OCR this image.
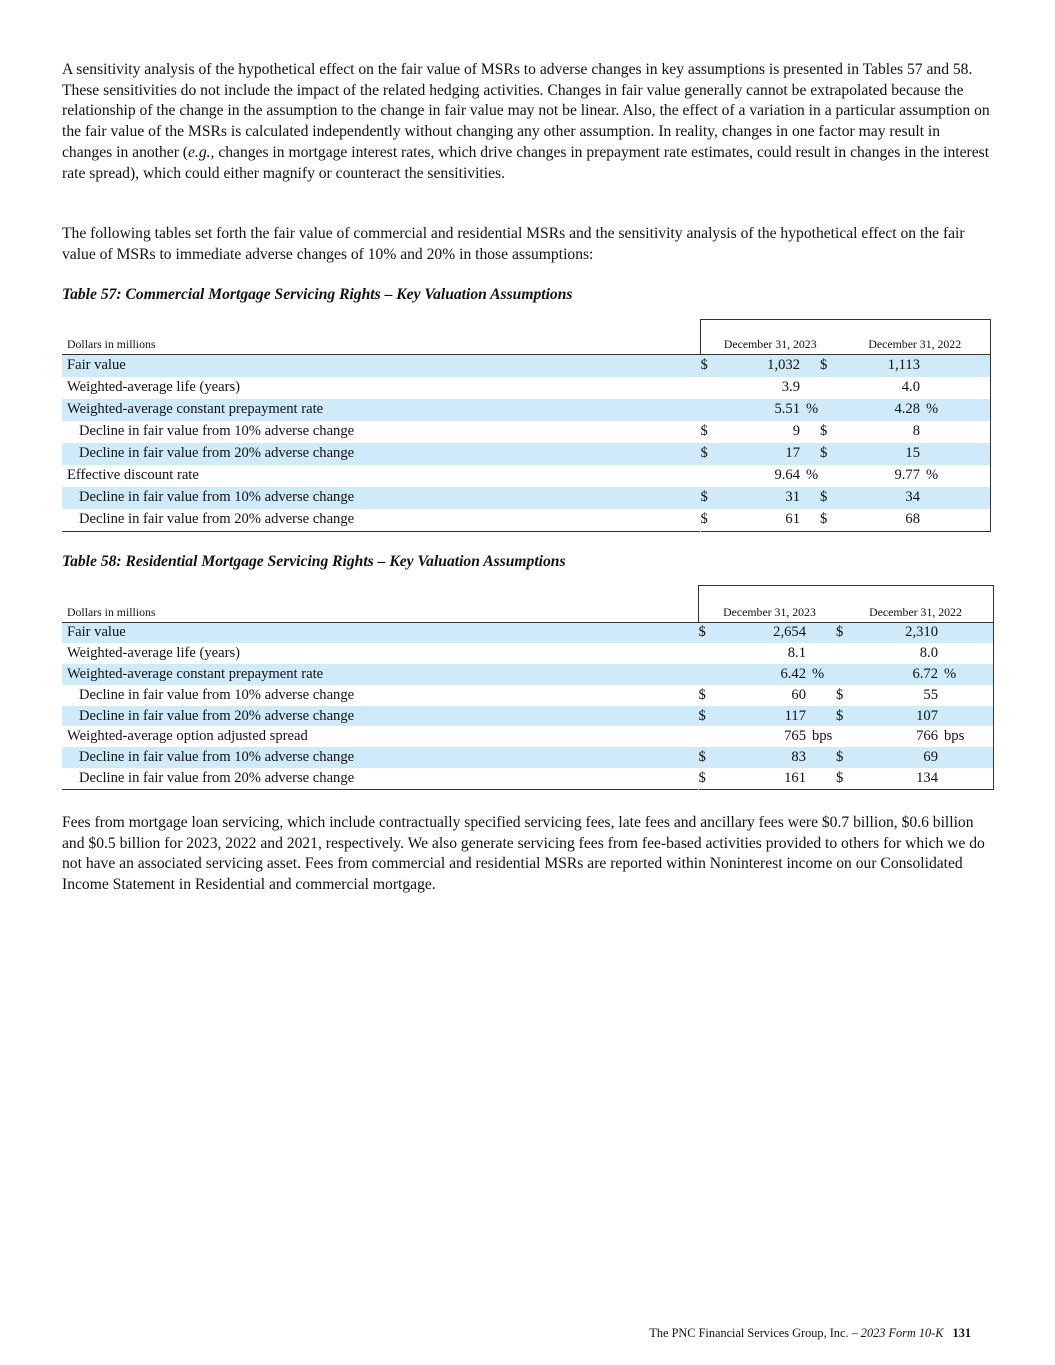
A sensitivity analysis of the hypothetical effect on the fair value of MSRs to adverse changes in key assumptions is presented in Tables 57 and 58. These sensitivities do not include the impact of the related hedging activities. Changes in fair value generally cannot be extrapolated because the relationship of the change in the assumption to the change in fair value may not be linear. Also, the effect of a variation in a particular assumption on the fair value of the MSRs is calculated independently without changing any other assumption. In reality, changes in one factor may result in changes in another (e.g., changes in mortgage interest rates, which drive changes in prepayment rate estimates, could result in changes in the interest rate spread), which could either magnify or counteract the sensitivities.

The following tables set forth the fair value of commercial and residential MSRs and the sensitivity analysis of the hypothetical effect on the fair value of MSRs to immediate adverse changes of 10% and 20% in those assumptions:

Table 57: Commercial Mortgage Servicing Rights – Key Valuation Assumptions

Dollars in millions	December 31, 2023 December 31, 2022					

Fair value	$	1,032		$	1,113	
Weighted-average life (years)		3.9			4.0	
Weighted-average constant prepayment rate		5.51	%		4.28	%
Decline in fair value from 10% adverse change	$	9		$	8	
Decline in fair value from 20% adverse change	$	17		$	15	
Effective discount rate		9.64	%		9.77	%
Decline in fair value from 10% adverse change	$	31		$	34	
Decline in fair value from 20% adverse change	$	61		$	68	

Table 58: Residential Mortgage Servicing Rights – Key Valuation Assumptions

Dollars in millions	December 31, 2023 December 31, 2022					

Fair value	$	2,654		$	2,310	
Weighted-average life (years)		8.1			8.0	
Weighted-average constant prepayment rate		6.42	%		6.72	%
Decline in fair value from 10% adverse change	$	60		$	55	
Decline in fair value from 20% adverse change	$	117		$	107	
Weighted-average option adjusted spread		765	bps		766	bps
Decline in fair value from 10% adverse change	$	83		$	69	
Decline in fair value from 20% adverse change	$	161		$	134	

Fees from mortgage loan servicing, which include contractually specified servicing fees, late fees and ancillary fees were $0.7 billion, $0.6 billion and $0.5 billion for 2023, 2022 and 2021, respectively. We also generate servicing fees from fee-based activities provided to others for which we do not have an associated servicing asset. Fees from commercial and residential MSRs are reported within Noninterest income on our Consolidated Income Statement in Residential and commercial mortgage.

The PNC Financial Services Group, Inc. – 2023 Form 10-K 131
